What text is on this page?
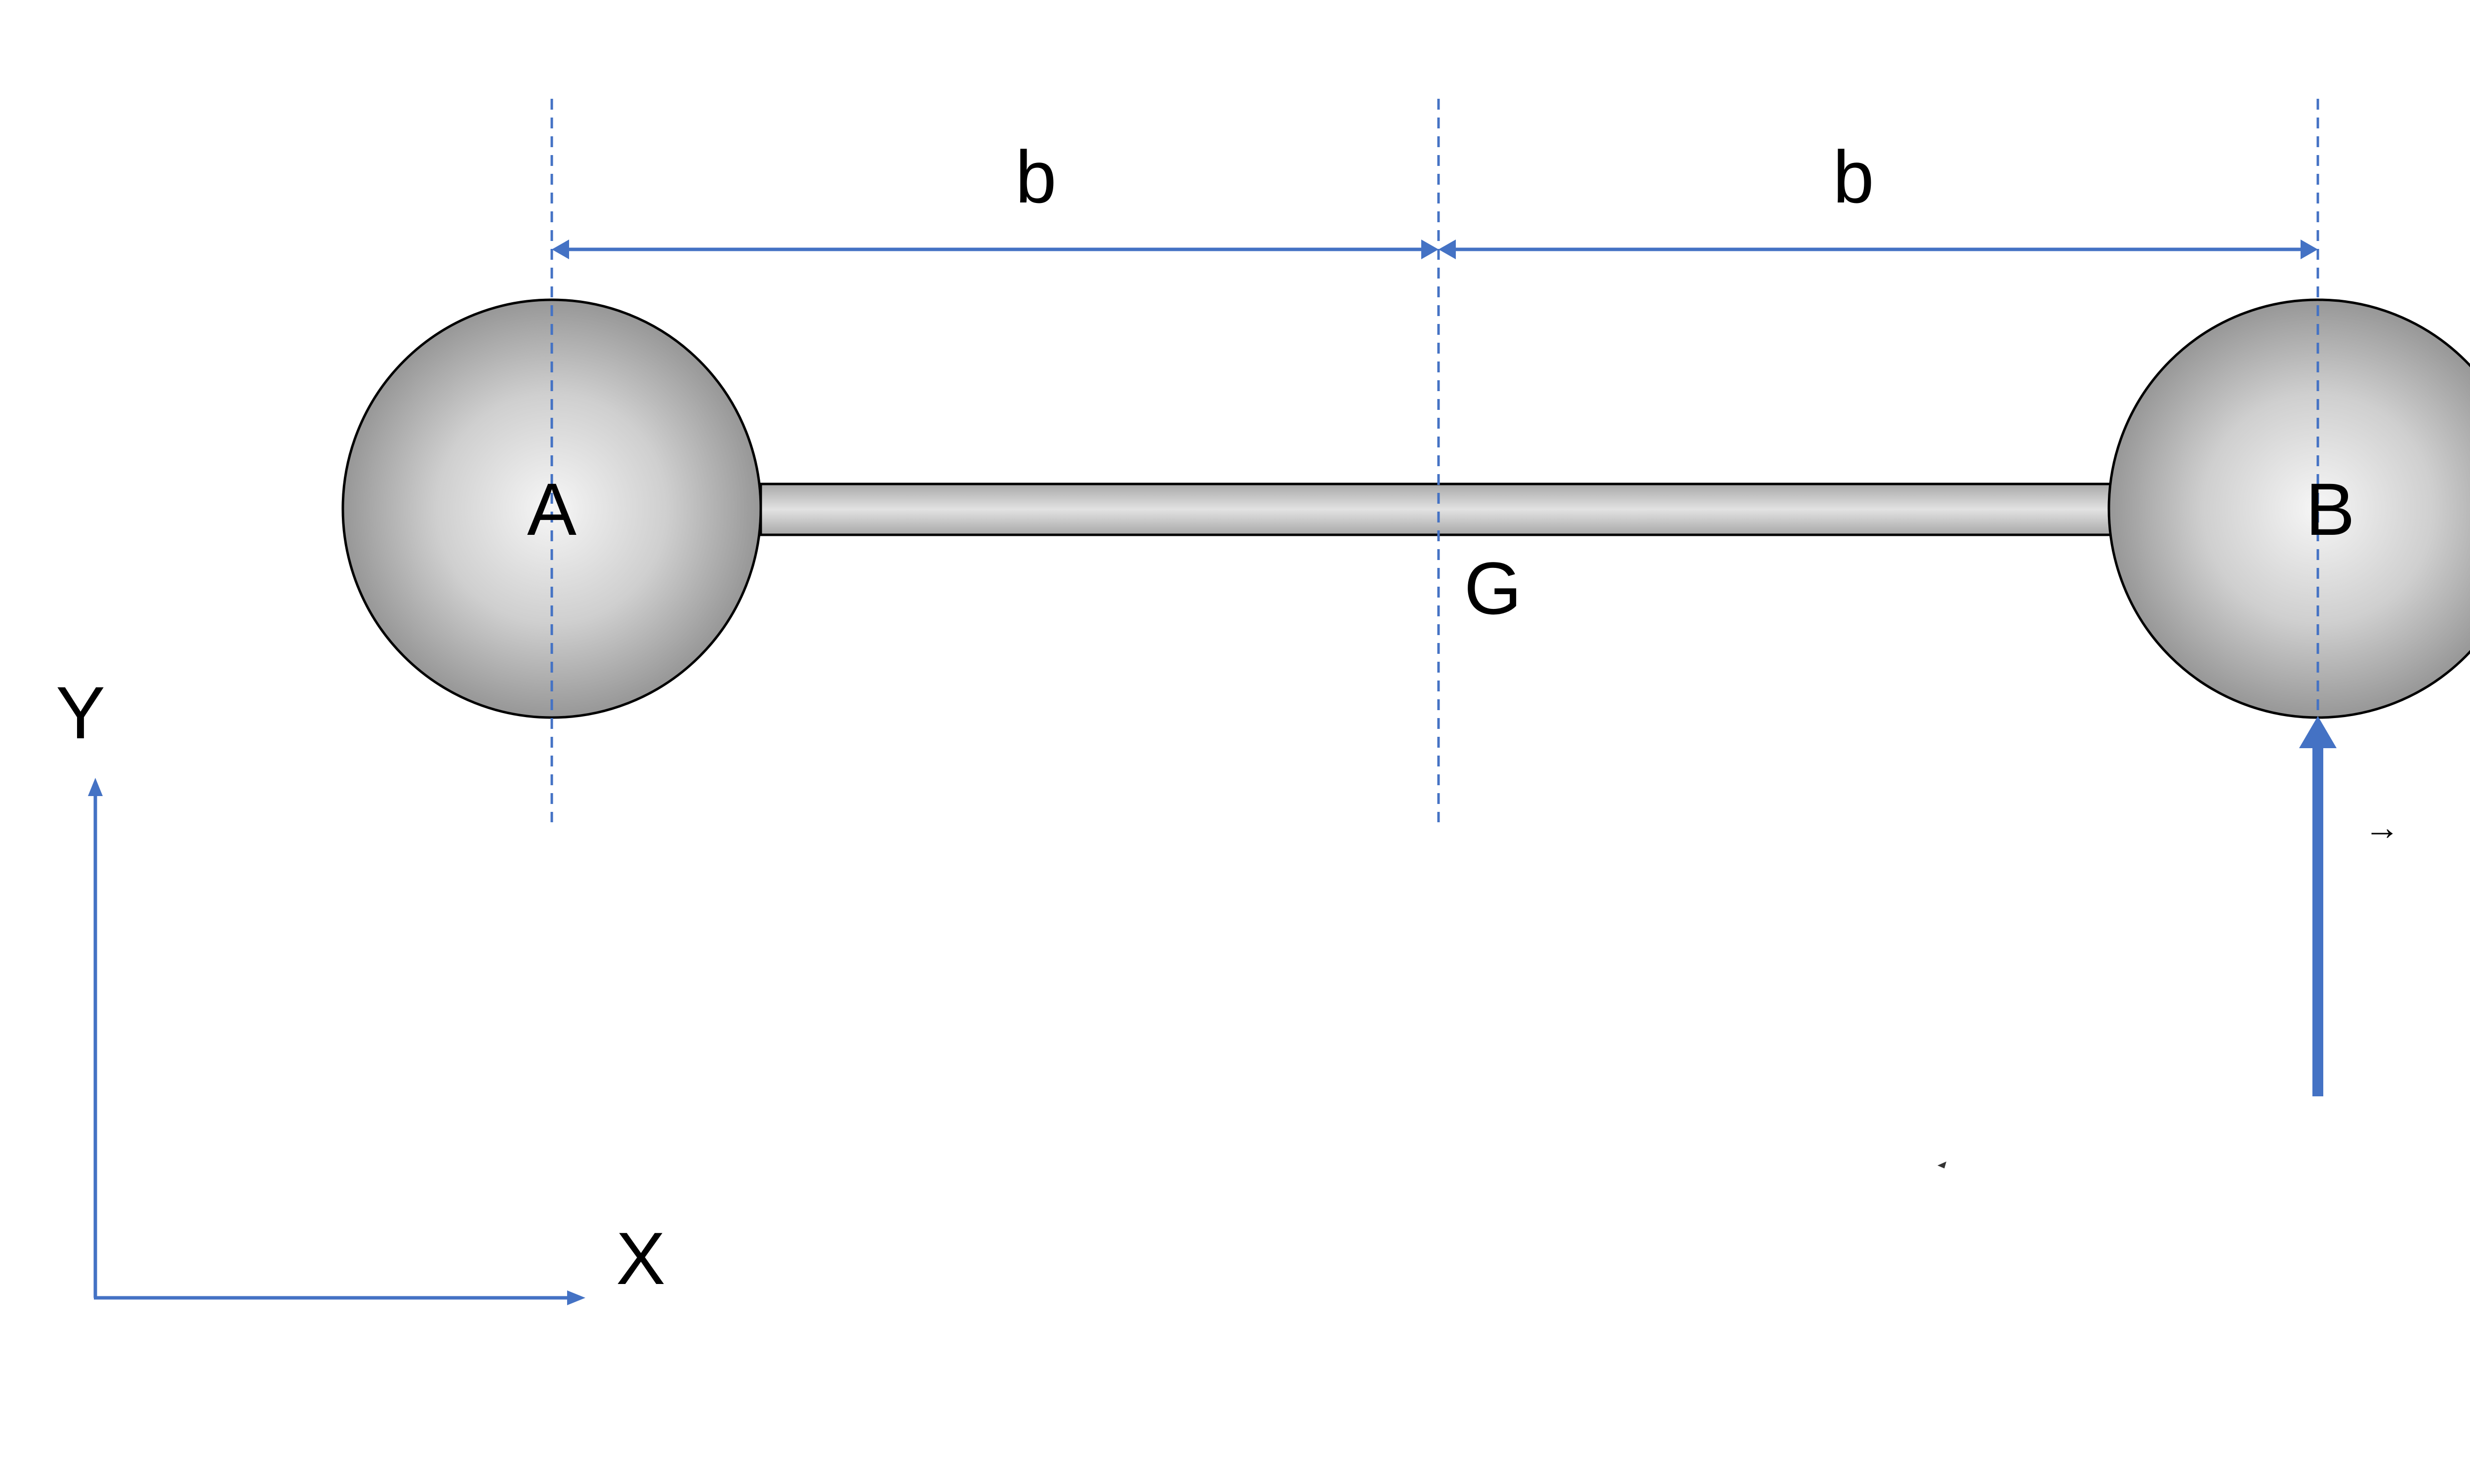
A	B
G
b	b
Y
X
→
